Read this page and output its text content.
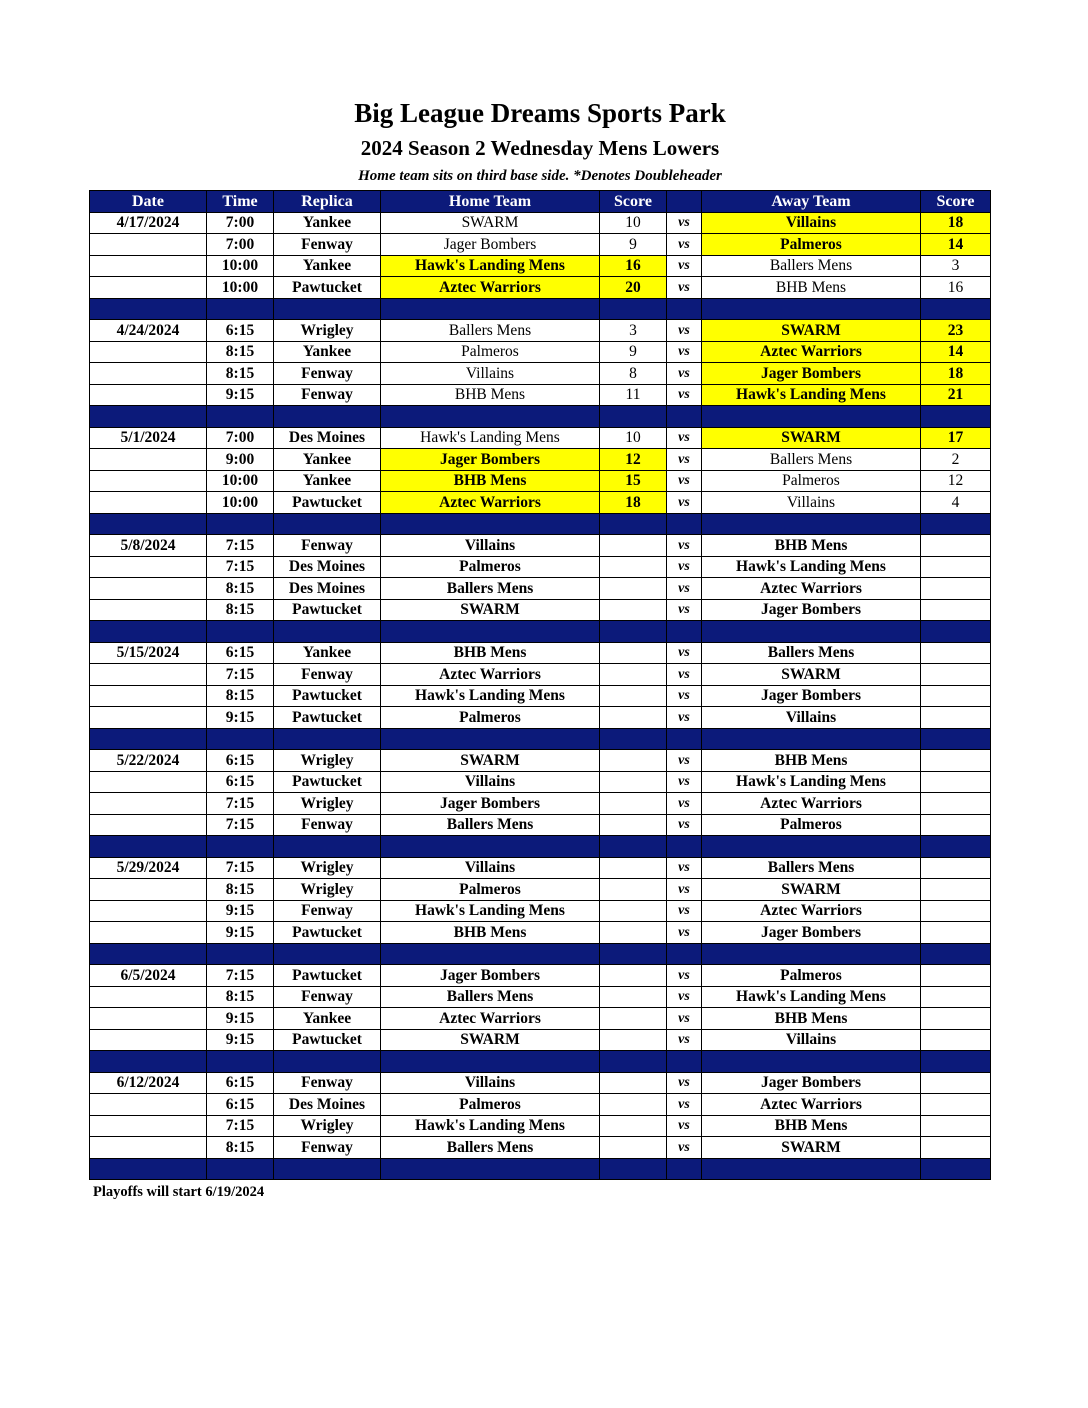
Big League Dreams Sports Park
2024 Season 2 Wednesday Mens Lowers
Home team sits on third base side. *Denotes Doubleheader
Date	Time	Replica	Home Team	Score		Away Team	Score
4/17/2024	7:00	Yankee	SWARM	10	vs	Villains	18
	7:00	Fenway	Jager Bombers	9	vs	Palmeros	14
	10:00	Yankee	Hawk's Landing Mens	16	vs	Ballers Mens	3
	10:00	Pawtucket	Aztec Warriors	20	vs	BHB Mens	16

4/24/2024	6:15	Wrigley	Ballers Mens	3	vs	SWARM	23
	8:15	Yankee	Palmeros	9	vs	Aztec Warriors	14
	8:15	Fenway	Villains	8	vs	Jager Bombers	18
	9:15	Fenway	BHB Mens	11	vs	Hawk's Landing Mens	21

5/1/2024	7:00	Des Moines	Hawk's Landing Mens	10	vs	SWARM	17
	9:00	Yankee	Jager Bombers	12	vs	Ballers Mens	2
	10:00	Yankee	BHB Mens	15	vs	Palmeros	12
	10:00	Pawtucket	Aztec Warriors	18	vs	Villains	4

5/8/2024	7:15	Fenway	Villains		vs	BHB Mens	
	7:15	Des Moines	Palmeros		vs	Hawk's Landing Mens	
	8:15	Des Moines	Ballers Mens		vs	Aztec Warriors	
	8:15	Pawtucket	SWARM		vs	Jager Bombers	

5/15/2024	6:15	Yankee	BHB Mens		vs	Ballers Mens	
	7:15	Fenway	Aztec Warriors		vs	SWARM	
	8:15	Pawtucket	Hawk's Landing Mens		vs	Jager Bombers	
	9:15	Pawtucket	Palmeros		vs	Villains	

5/22/2024	6:15	Wrigley	SWARM		vs	BHB Mens	
	6:15	Pawtucket	Villains		vs	Hawk's Landing Mens	
	7:15	Wrigley	Jager Bombers		vs	Aztec Warriors	
	7:15	Fenway	Ballers Mens		vs	Palmeros	

5/29/2024	7:15	Wrigley	Villains		vs	Ballers Mens	
	8:15	Wrigley	Palmeros		vs	SWARM	
	9:15	Fenway	Hawk's Landing Mens		vs	Aztec Warriors	
	9:15	Pawtucket	BHB Mens		vs	Jager Bombers	

6/5/2024	7:15	Pawtucket	Jager Bombers		vs	Palmeros	
	8:15	Fenway	Ballers Mens		vs	Hawk's Landing Mens	
	9:15	Yankee	Aztec Warriors		vs	BHB Mens	
	9:15	Pawtucket	SWARM		vs	Villains	

6/12/2024	6:15	Fenway	Villains		vs	Jager Bombers	
	6:15	Des Moines	Palmeros		vs	Aztec Warriors	
	7:15	Wrigley	Hawk's Landing Mens		vs	BHB Mens	
	8:15	Fenway	Ballers Mens		vs	SWARM	

Playoffs will start 6/19/2024
